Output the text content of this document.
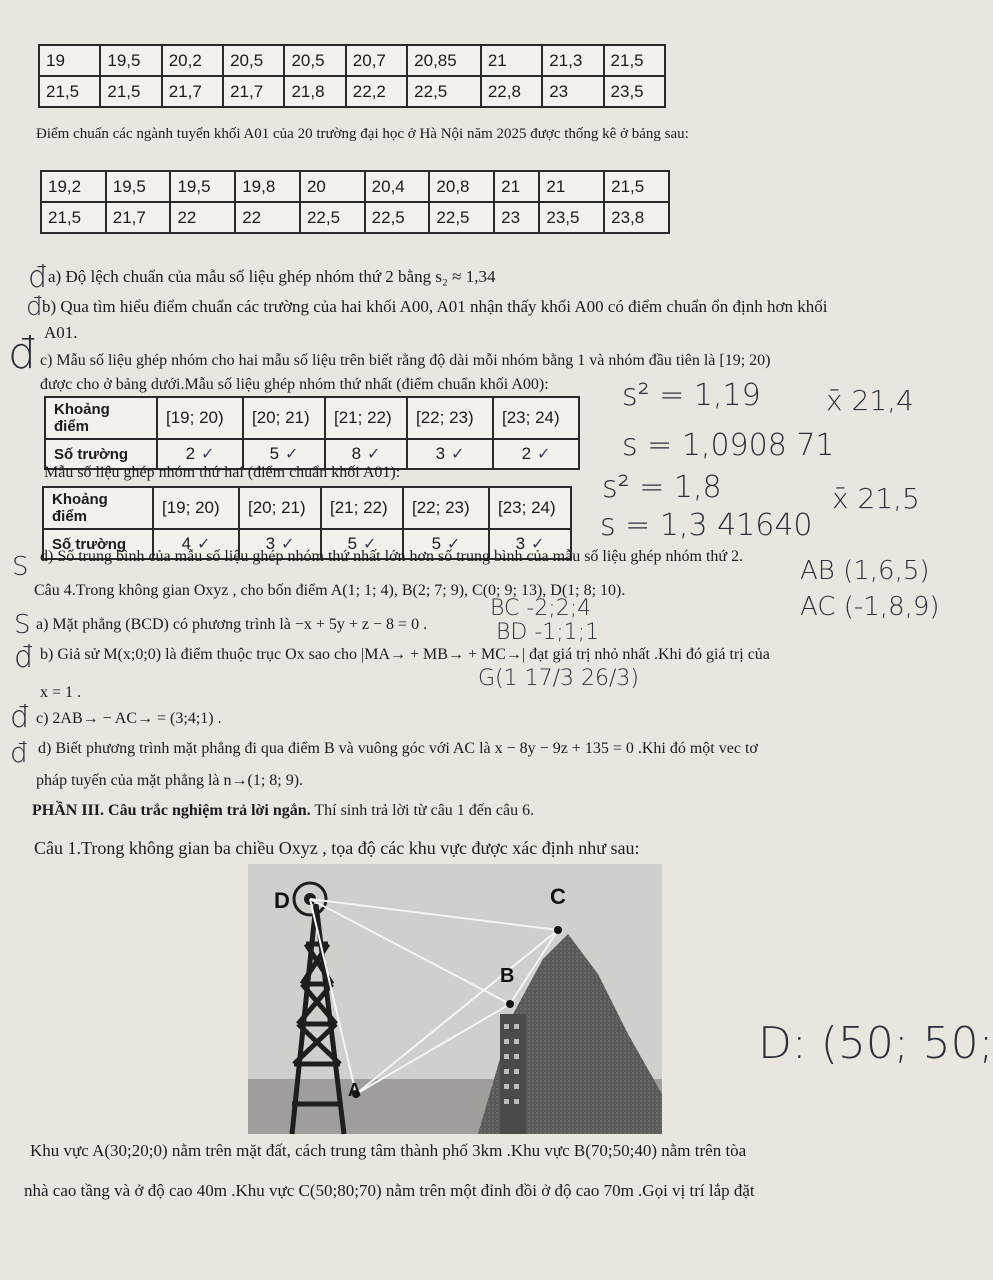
19	19,5	20,2	20,5	20,5	20,7	20,85	21	21,3	21,5
21,5	21,5	21,7	21,7	21,8	22,2	22,5	22,8	23	23,5
Điểm chuẩn các ngành tuyển khối A01 của 20 trường đại học ở Hà Nội năm 2025 được thống kê ở bảng sau:
19,2	19,5	19,5	19,8	20	20,4	20,8	21	21	21,5
21,5	21,7	22	22	22,5	22,5	22,5	23	23,5	23,8
đ a) Độ lệch chuẩn của mẫu số liệu ghép nhóm thứ 2 bằng s₂ ≈ 1,34
đ b) Qua tìm hiểu điểm chuẩn các trường của hai khối A00, A01 nhận thấy khối A00 có điểm chuẩn ổn định hơn khối
A01.
đ c) Mẫu số liệu ghép nhóm cho hai mẫu số liệu trên biết rằng độ dài mỗi nhóm bằng 1 và nhóm đầu tiên là [19; 20)
được cho ở bảng dưới.Mẫu số liệu ghép nhóm thứ nhất (điểm chuẩn khối A00):
Khoảng điểm	[19; 20)	[20; 21)	[21; 22)	[22; 23)	[23; 24)
Số trường	2 ✓	5 ✓	8 ✓	3 ✓	2 ✓
Mẫu số liệu ghép nhóm thứ hai (điểm chuẩn khối A01):
Khoảng điểm	[19; 20)	[20; 21)	[21; 22)	[22; 23)	[23; 24)
Số trường	4 ✓	3 ✓	5 ✓	5 ✓	3 ✓
s² = 1,19
s = 1,0908 71
x̄ 21,4
s² = 1,8
s = 1,3 41640
x̄ 21,5
S d) Số trung bình của mẫu số liệu ghép nhóm thứ nhất lớn hơn số trung bình của mẫu số liệu ghép nhóm thứ 2.
Câu 4.Trong không gian Oxyz , cho bốn điểm A(1; 1; 4), B(2; 7; 9), C(0; 9; 13), D(1; 8; 10).
AB (1,6,5)
AC (-1,8,9)
S a) Mặt phẳng (BCD) có phương trình là −x + 5y + z − 8 = 0 .
BC -2;2;4
BD -1;1;1
đ b) Giả sử M(x;0;0) là điểm thuộc trục Ox sao cho |MA→ + MB→ + MC→| đạt giá trị nhỏ nhất .Khi đó giá trị của
x = 1 .
G(1 17/3 26/3)
đ c) 2AB→ − AC→ = (3;4;1) .
đ d) Biết phương trình mặt phẳng đi qua điểm B và vuông góc với AC là x − 8y − 9z + 135 = 0 .Khi đó một vec tơ
pháp tuyến của mặt phẳng là n→(1; 8; 9).
PHẦN III. Câu trắc nghiệm trả lời ngắn. Thí sinh trả lời từ câu 1 đến câu 6.
Câu 1.Trong không gian ba chiều Oxyz , tọa độ các khu vực được xác định như sau:
D	C
B
A
D: (50; 50;
Khu vực A(30;20;0) nằm trên mặt đất, cách trung tâm thành phố 3km .Khu vực B(70;50;40) nằm trên tòa
nhà cao tầng và ở độ cao 40m .Khu vực C(50;80;70) nằm trên một đỉnh đồi ở độ cao 70m .Gọi vị trí lắp đặt
